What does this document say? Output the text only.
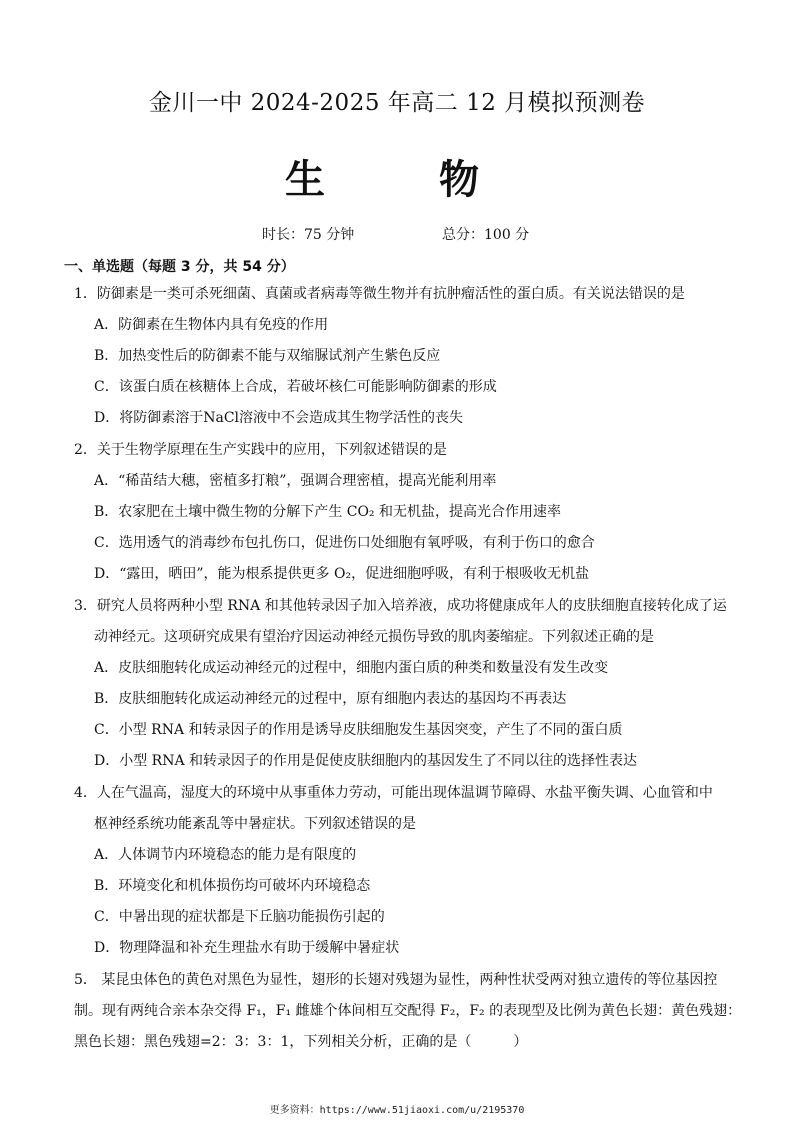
金川一中 2024-2025 年高二 12 月模拟预测卷
生 物
时长：75 分钟	总分：100 分
一、单选题（每题 3 分，共 54 分）
1．防御素是一类可杀死细菌、真菌或者病毒等微生物并有抗肿瘤活性的蛋白质。有关说法错误的是
A．防御素在生物体内具有免疫的作用
B．加热变性后的防御素不能与双缩脲试剂产生紫色反应
C．该蛋白质在核糖体上合成，若破坏核仁可能影响防御素的形成
D．将防御素溶于NaCl溶液中不会造成其生物学活性的丧失
2．关于生物学原理在生产实践中的应用，下列叙述错误的是
A．“稀苗结大穗，密植多打粮”，强调合理密植，提高光能利用率
B．农家肥在土壤中微生物的分解下产生 CO₂ 和无机盐，提高光合作用速率
C．选用透气的消毒纱布包扎伤口，促进伤口处细胞有氧呼吸，有利于伤口的愈合
D．“露田，晒田”，能为根系提供更多 O₂，促进细胞呼吸，有利于根吸收无机盐
3．研究人员将两种小型 RNA 和其他转录因子加入培养液，成功将健康成年人的皮肤细胞直接转化成了运
动神经元。这项研究成果有望治疗因运动神经元损伤导致的肌肉萎缩症。下列叙述正确的是
A．皮肤细胞转化成运动神经元的过程中，细胞内蛋白质的种类和数量没有发生改变
B．皮肤细胞转化成运动神经元的过程中，原有细胞内表达的基因均不再表达
C．小型 RNA 和转录因子的作用是诱导皮肤细胞发生基因突变，产生了不同的蛋白质
D．小型 RNA 和转录因子的作用是促使皮肤细胞内的基因发生了不同以往的选择性表达
4．人在气温高，湿度大的环境中从事重体力劳动，可能出现体温调节障碍、水盐平衡失调、心血管和中
枢神经系统功能紊乱等中暑症状。下列叙述错误的是
A．人体调节内环境稳态的能力是有限度的
B．环境变化和机体损伤均可破坏内环境稳态
C．中暑出现的症状都是下丘脑功能损伤引起的
D．物理降温和补充生理盐水有助于缓解中暑症状
5． 某昆虫体色的黄色对黑色为显性，翅形的长翅对残翅为显性，两种性状受两对独立遗传的等位基因控
制。现有两纯合亲本杂交得 F₁，F₁ 雌雄个体间相互交配得 F₂，F₂ 的表现型及比例为黄色长翅：黄色残翅：
黑色长翅：黑色残翅=2：3：3：1，下列相关分析，正确的是（　　　）
更多资料：https://www.51jiaoxi.com/u/2195370
